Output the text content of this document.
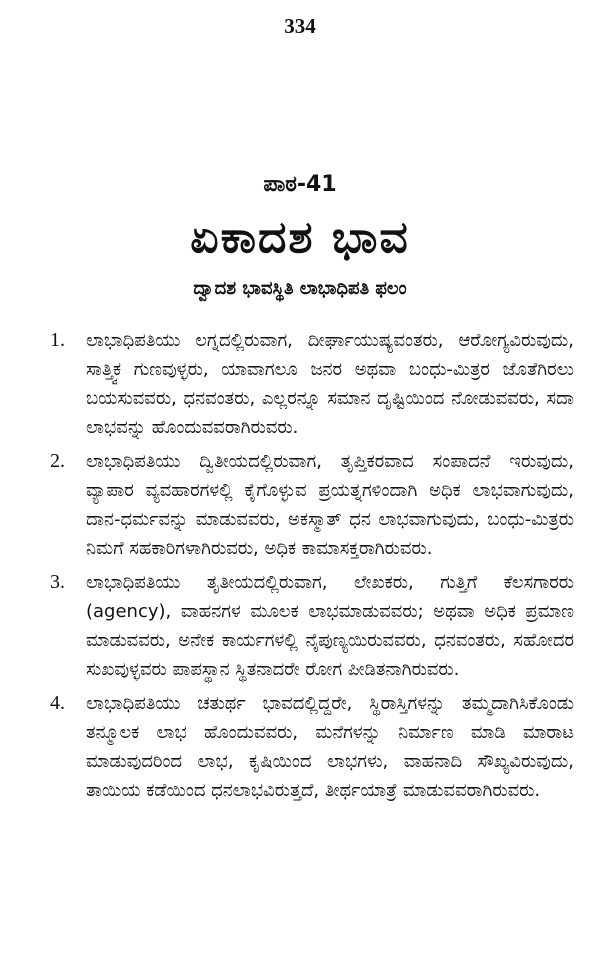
334
ಪಾಠ-41
ಏಕಾದಶ ಭಾವ
ದ್ವಾದಶ ಭಾವಸ್ಥಿತಿ ಲಾಭಾಧಿಪತಿ ಫಲಂ
1.	ಲಾಭಾಧಿಪತಿಯು ಲಗ್ನದಲ್ಲಿರುವಾಗ, ದೀರ್ಘಾಯುಷ್ಯವಂತರು, ಆರೋಗ್ಯವಿರುವುದು, ಸಾತ್ತ್ವಿಕ ಗುಣವುಳ್ಳರು, ಯಾವಾಗಲೂ ಜನರ ಅಥವಾ ಬಂಧು-ಮಿತ್ರರ ಜೊತೆಗಿರಲು ಬಯಸುವವರು, ಧನವಂತರು, ಎಲ್ಲರನ್ನೂ ಸಮಾನ ದೃಷ್ಟಿಯಿಂದ ನೋಡುವವರು, ಸದಾ ಲಾಭವನ್ನು ಹೊಂದುವವರಾಗಿರುವರು.
2.	ಲಾಭಾಧಿಪತಿಯು ದ್ವಿತೀಯದಲ್ಲಿರುವಾಗ, ತೃಪ್ತಿಕರವಾದ ಸಂಪಾದನೆ ಇರುವುದು, ವ್ಯಾಪಾರ ವ್ಯವಹಾರಗಳಲ್ಲಿ ಕೈಗೊಳ್ಳುವ ಪ್ರಯತ್ನಗಳಿಂದಾಗಿ ಅಧಿಕ ಲಾಭವಾಗುವುದು, ದಾನ-ಧರ್ಮವನ್ನು ಮಾಡುವವರು, ಅಕಸ್ಮಾತ್ ಧನ ಲಾಭವಾಗುವುದು, ಬಂಧು-ಮಿತ್ರರು ನಿಮಗೆ ಸಹಕಾರಿಗಳಾಗಿರುವರು, ಅಧಿಕ ಕಾಮಾಸಕ್ತರಾಗಿರುವರು.
3.	ಲಾಭಾಧಿಪತಿಯು ತೃತೀಯದಲ್ಲಿರುವಾಗ, ಲೇಖಕರು, ಗುತ್ತಿಗೆ ಕೆಲಸಗಾರರು (agency), ವಾಹನಗಳ ಮೂಲಕ ಲಾಭಮಾಡುವವರು; ಅಥವಾ ಅಧಿಕ ಪ್ರಮಾಣ ಮಾಡುವವರು, ಅನೇಕ ಕಾರ್ಯಗಳಲ್ಲಿ ನೈಪುಣ್ಯಯಿರುವವರು, ಧನವಂತರು, ಸಹೋದರ ಸುಖವುಳ್ಳವರು ಪಾಪಸ್ಥಾನ ಸ್ಥಿತನಾದರೇ ರೋಗ ಪೀಡಿತನಾಗಿರುವರು.
4.	ಲಾಭಾಧಿಪತಿಯು ಚತುರ್ಥ ಭಾವದಲ್ಲಿದ್ದರೇ, ಸ್ಥಿರಾಸ್ತಿಗಳನ್ನು ತಮ್ಮದಾಗಿಸಿಕೊಂಡು ತನ್ಮೂಲಕ ಲಾಭ ಹೊಂದುವವರು, ಮನೆಗಳನ್ನು ನಿರ್ಮಾಣ ಮಾಡಿ ಮಾರಾಟ ಮಾಡುವುದರಿಂದ ಲಾಭ, ಕೃಷಿಯಿಂದ ಲಾಭಗಳು, ವಾಹನಾದಿ ಸೌಖ್ಯವಿರುವುದು, ತಾಯಿಯ ಕಡೆಯಿಂದ ಧನಲಾಭವಿರುತ್ತದೆ, ತೀರ್ಥಯಾತ್ರೆ ಮಾಡುವವರಾಗಿರುವರು.
